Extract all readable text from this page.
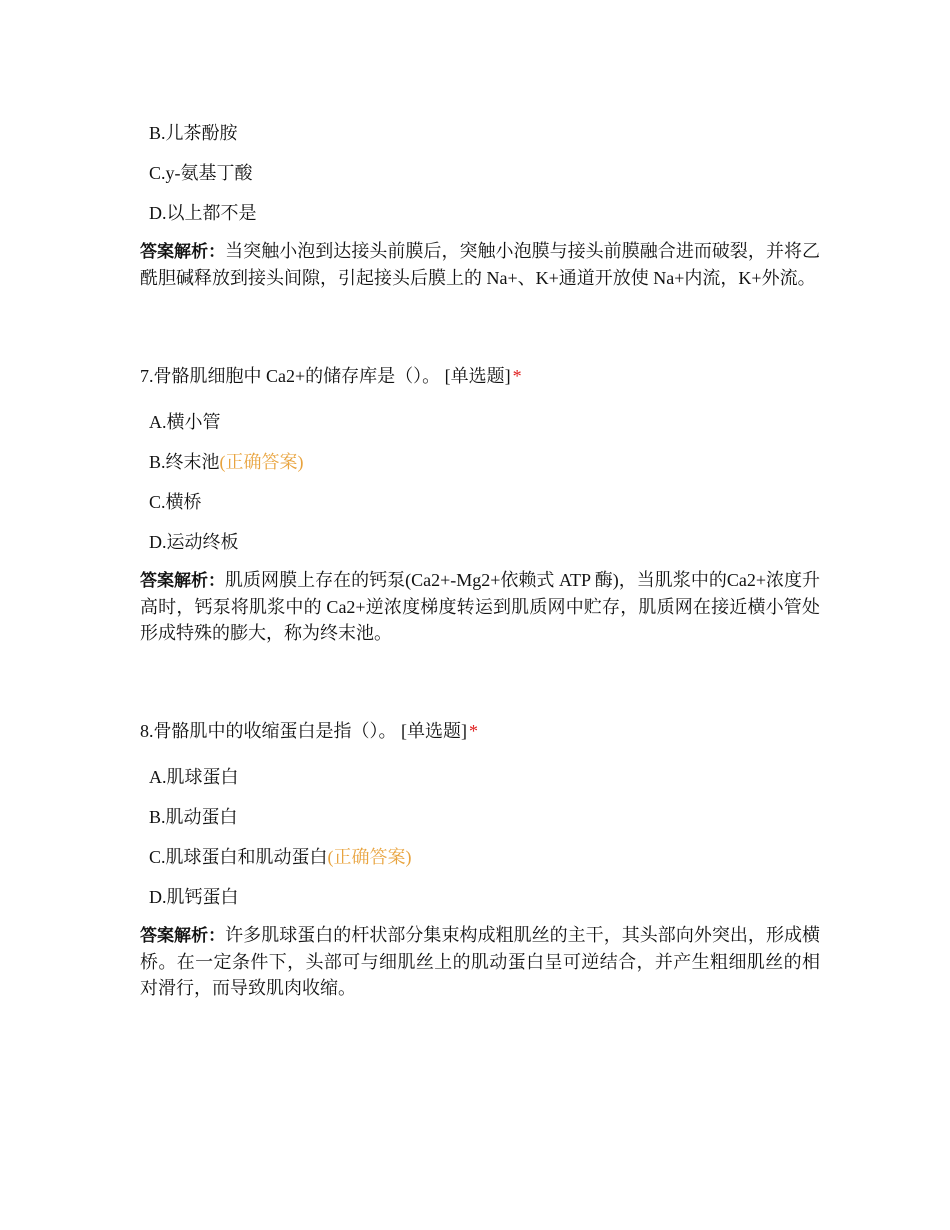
B.儿茶酚胺
C.y-氨基丁酸
D.以上都不是
答案解析：当突触小泡到达接头前膜后，突触小泡膜与接头前膜融合进而破裂，并将乙酰胆碱释放到接头间隙，引起接头后膜上的 Na+、K+通道开放使 Na+内流，K+外流。
7.骨骼肌细胞中 Ca2+的储存库是（）。 [单选题] *
A.横小管
B.终末池(正确答案)
C.横桥
D.运动终板
答案解析：肌质网膜上存在的钙泵(Ca2+-Mg2+依赖式 ATP 酶)，当肌浆中的Ca2+浓度升高时，钙泵将肌浆中的 Ca2+逆浓度梯度转运到肌质网中贮存，肌质网在接近横小管处形成特殊的膨大，称为终末池。
8.骨骼肌中的收缩蛋白是指（）。 [单选题] *
A.肌球蛋白
B.肌动蛋白
C.肌球蛋白和肌动蛋白(正确答案)
D.肌钙蛋白
答案解析：许多肌球蛋白的杆状部分集束构成粗肌丝的主干，其头部向外突出，形成横桥。在一定条件下，头部可与细肌丝上的肌动蛋白呈可逆结合，并产生粗细肌丝的相对滑行，而导致肌肉收缩。
